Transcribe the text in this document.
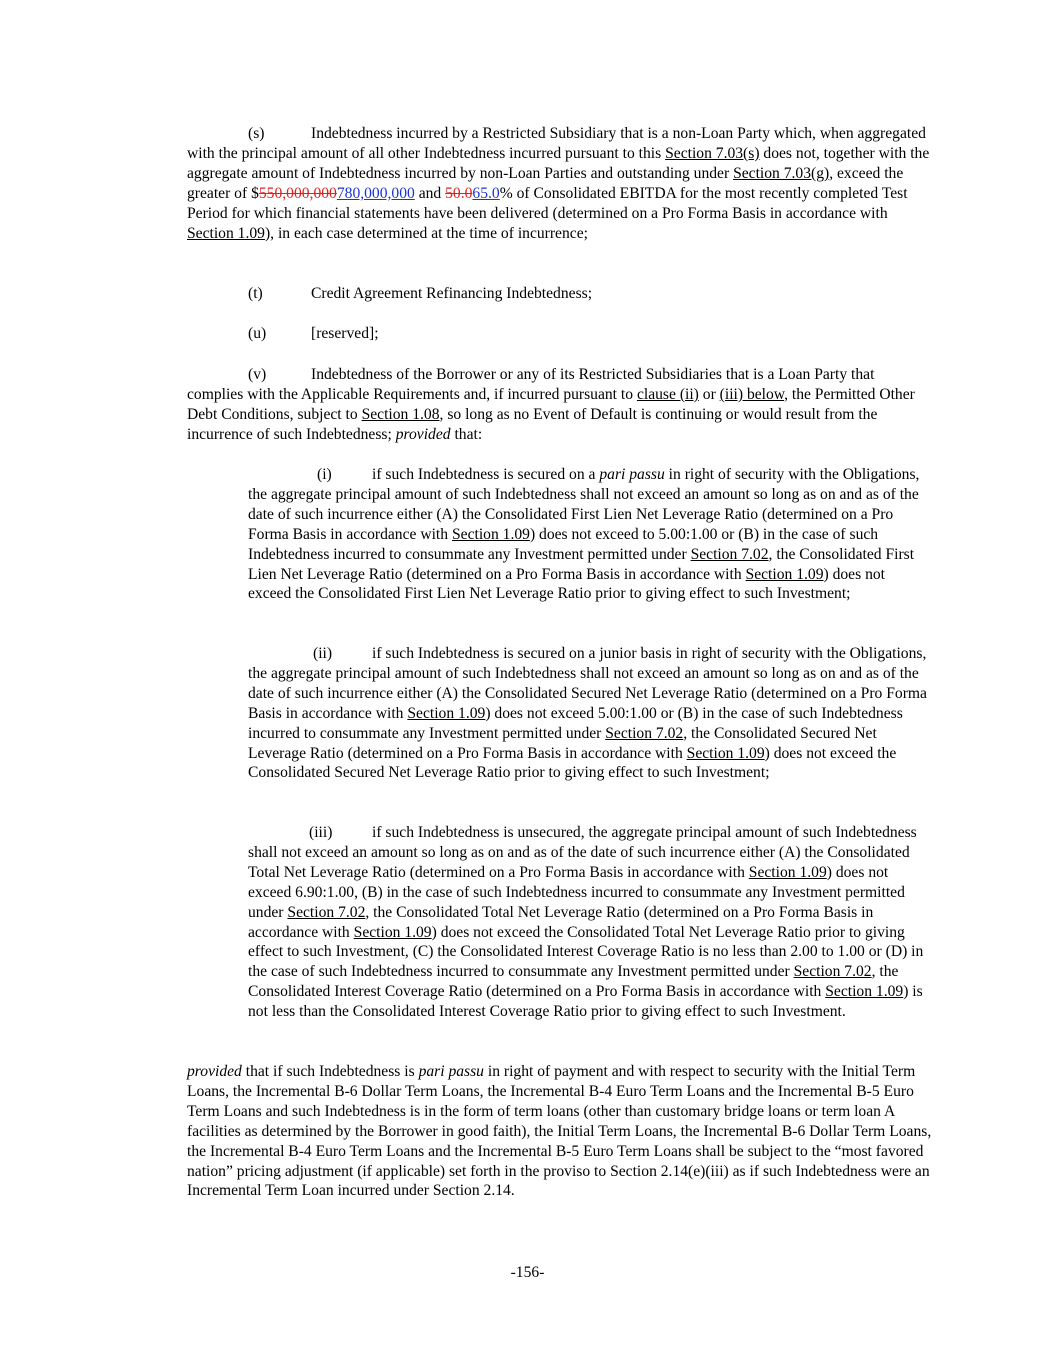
(s)	Indebtedness incurred by a Restricted Subsidiary that is a non-Loan Party which, when aggregated with the principal amount of all other Indebtedness incurred pursuant to this Section 7.03(s) does not, together with the aggregate amount of Indebtedness incurred by non-Loan Parties and outstanding under Section 7.03(g), exceed the greater of $550,000,000780,000,000 and 50.065.0% of Consolidated EBITDA for the most recently completed Test Period for which financial statements have been delivered (determined on a Pro Forma Basis in accordance with Section 1.09), in each case determined at the time of incurrence;

(t)	Credit Agreement Refinancing Indebtedness;

(u)	[reserved];

(v)	Indebtedness of the Borrower or any of its Restricted Subsidiaries that is a Loan Party that complies with the Applicable Requirements and, if incurred pursuant to clause (ii) or (iii) below, the Permitted Other Debt Conditions, subject to Section 1.08, so long as no Event of Default is continuing or would result from the incurrence of such Indebtedness; provided that:

(i)	if such Indebtedness is secured on a pari passu in right of security with the Obligations, the aggregate principal amount of such Indebtedness shall not exceed an amount so long as on and as of the date of such incurrence either (A) the Consolidated First Lien Net Leverage Ratio (determined on a Pro Forma Basis in accordance with Section 1.09) does not exceed to 5.00:1.00 or (B) in the case of such Indebtedness incurred to consummate any Investment permitted under Section 7.02, the Consolidated First Lien Net Leverage Ratio (determined on a Pro Forma Basis in accordance with Section 1.09) does not exceed the Consolidated First Lien Net Leverage Ratio prior to giving effect to such Investment;

(ii)	if such Indebtedness is secured on a junior basis in right of security with the Obligations, the aggregate principal amount of such Indebtedness shall not exceed an amount so long as on and as of the date of such incurrence either (A) the Consolidated Secured Net Leverage Ratio (determined on a Pro Forma Basis in accordance with Section 1.09) does not exceed 5.00:1.00 or (B) in the case of such Indebtedness incurred to consummate any Investment permitted under Section 7.02, the Consolidated Secured Net Leverage Ratio (determined on a Pro Forma Basis in accordance with Section 1.09) does not exceed the Consolidated Secured Net Leverage Ratio prior to giving effect to such Investment;

(iii)	if such Indebtedness is unsecured, the aggregate principal amount of such Indebtedness shall not exceed an amount so long as on and as of the date of such incurrence either (A) the Consolidated Total Net Leverage Ratio (determined on a Pro Forma Basis in accordance with Section 1.09) does not exceed 6.90:1.00, (B) in the case of such Indebtedness incurred to consummate any Investment permitted under Section 7.02, the Consolidated Total Net Leverage Ratio (determined on a Pro Forma Basis in accordance with Section 1.09) does not exceed the Consolidated Total Net Leverage Ratio prior to giving effect to such Investment, (C) the Consolidated Interest Coverage Ratio is no less than 2.00 to 1.00 or (D) in the case of such Indebtedness incurred to consummate any Investment permitted under Section 7.02, the Consolidated Interest Coverage Ratio (determined on a Pro Forma Basis in accordance with Section 1.09) is not less than the Consolidated Interest Coverage Ratio prior to giving effect to such Investment.

provided that if such Indebtedness is pari passu in right of payment and with respect to security with the Initial Term Loans, the Incremental B-6 Dollar Term Loans, the Incremental B-4 Euro Term Loans and the Incremental B-5 Euro Term Loans and such Indebtedness is in the form of term loans (other than customary bridge loans or term loan A facilities as determined by the Borrower in good faith), the Initial Term Loans, the Incremental B-6 Dollar Term Loans, the Incremental B-4 Euro Term Loans and the Incremental B-5 Euro Term Loans shall be subject to the “most favored nation” pricing adjustment (if applicable) set forth in the proviso to Section 2.14(e)(iii) as if such Indebtedness were an Incremental Term Loan incurred under Section 2.14.

-156-
